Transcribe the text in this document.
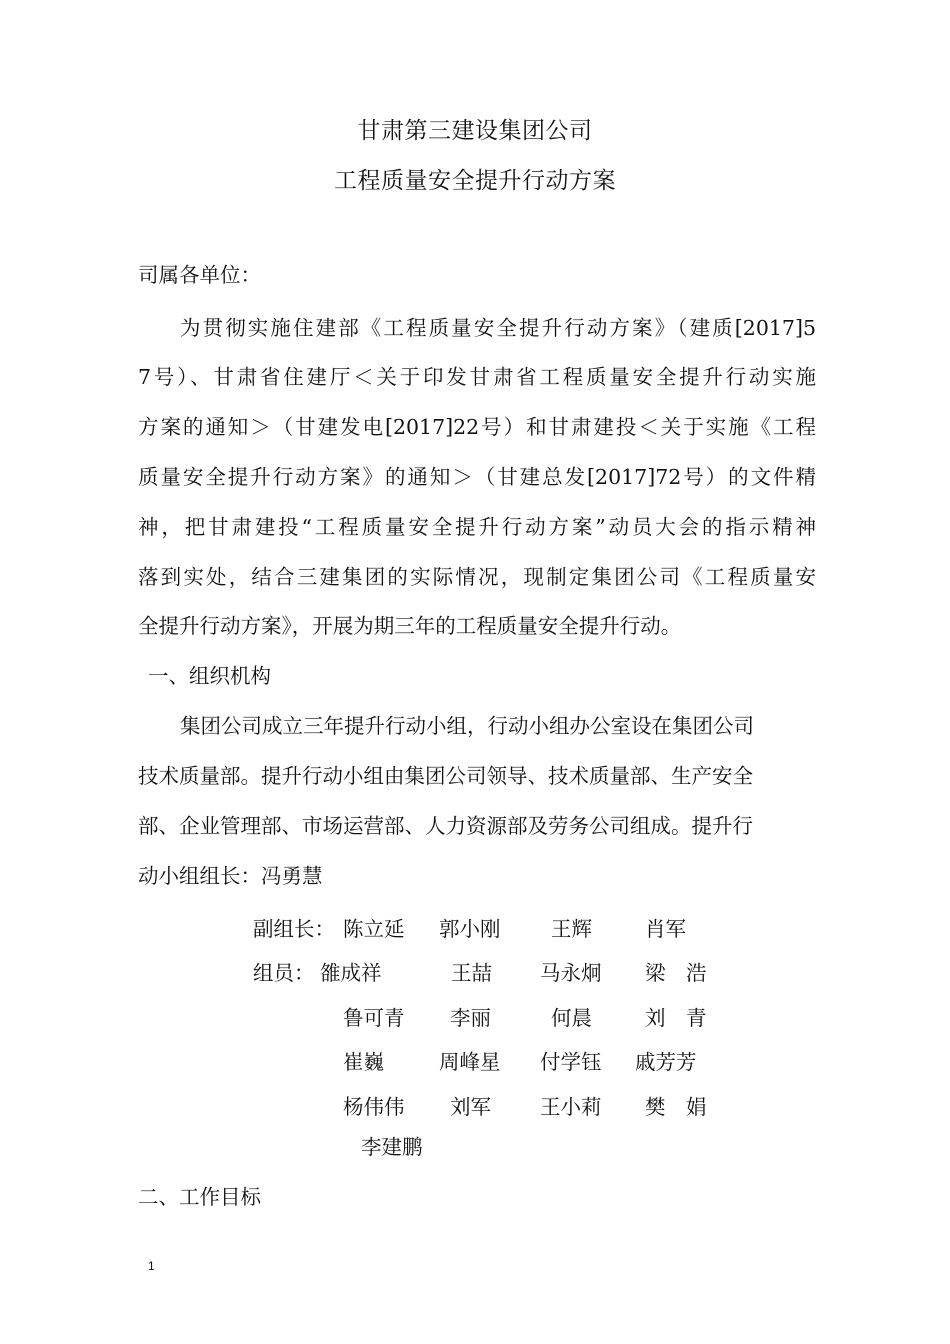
甘肃第三建设集团公司
工程质量安全提升行动方案
司属各单位：
为贯彻实施住建部《工程质量安全提升行动方案》（建质[2017]5
7号）、甘肃省住建厅＜关于印发甘肃省工程质量安全提升行动实施
方案的通知＞（甘建发电[2017]22号）和甘肃建投＜关于实施《工程
质量安全提升行动方案》的通知＞（甘建总发[2017]72号）的文件精
神，把甘肃建投“工程质量安全提升行动方案”动员大会的指示精神
落到实处，结合三建集团的实际情况，现制定集团公司《工程质量安
全提升行动方案》，开展为期三年的工程质量安全提升行动。
一、组织机构
集团公司成立三年提升行动小组，行动小组办公室设在集团公司
技术质量部。提升行动小组由集团公司领导、技术质量部、生产安全
部、企业管理部、市场运营部、人力资源部及劳务公司组成。提升行
动小组组长：冯勇慧
副组长： 陈立延 郭小刚 王辉	肖军
组员： 雒成祥	王喆 马永炯 梁　浩
鲁可青 李丽	何晨	刘　青
崔巍	周峰星 付学钰 戚芳芳
杨伟伟 刘军 王小莉 樊　娟
李建鹏
二、工作目标
1
